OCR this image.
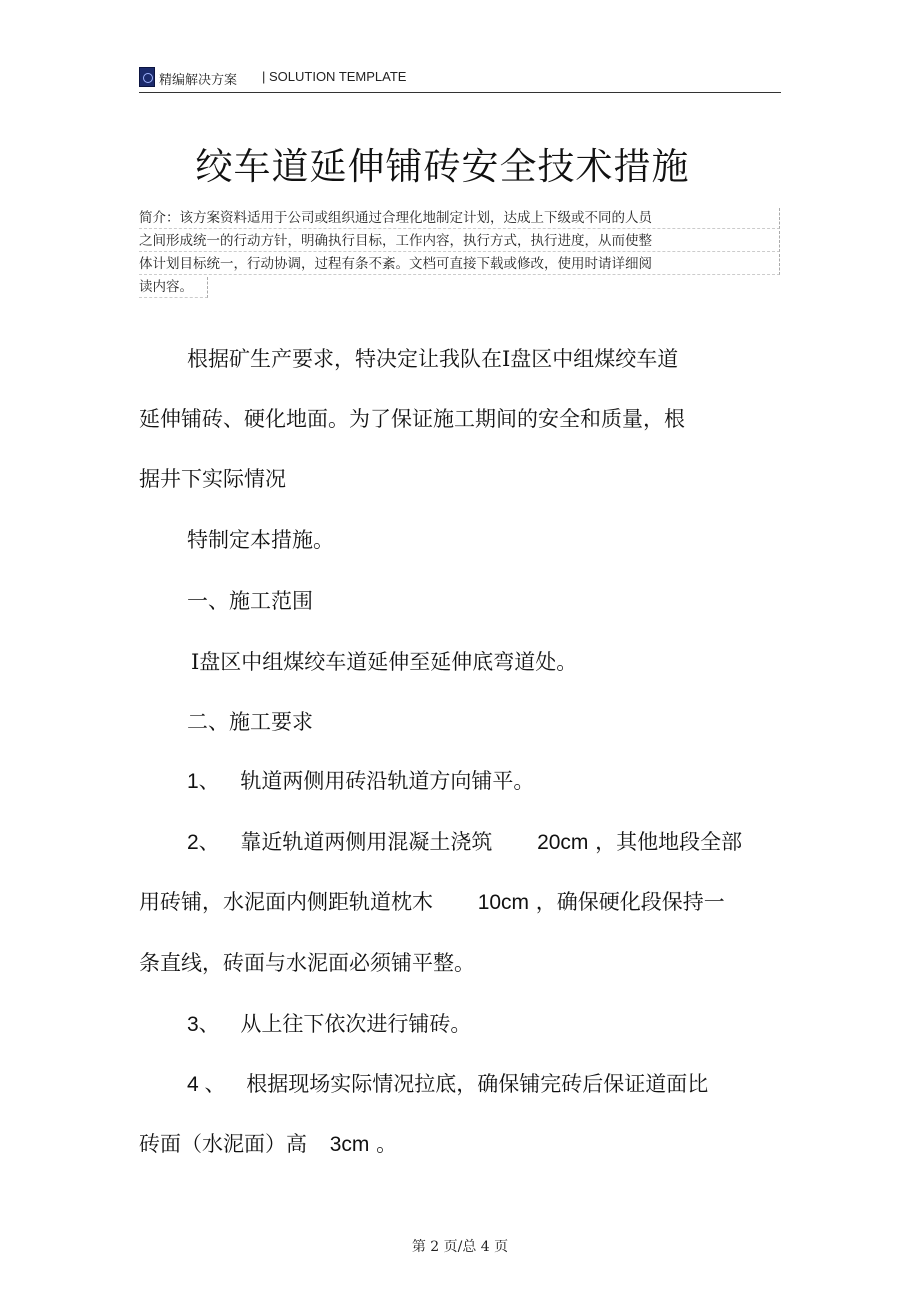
精编解决方案 | SOLUTION TEMPLATE
绞车道延伸铺砖安全技术措施
简介：该方案资料适用于公司或组织通过合理化地制定计划，达成上下级或不同的人员
之间形成统一的行动方针，明确执行目标，工作内容，执行方式，执行进度，从而使整
体计划目标统一，行动协调，过程有条不紊。文档可直接下载或修改，使用时请详细阅
读内容。
根据矿生产要求，特决定让我队在Ⅰ盘区中组煤绞车道
延伸铺砖、硬化地面。为了保证施工期间的安全和质量，根
据井下实际情况
特制定本措施。
一、施工范围
Ⅰ盘区中组煤绞车道延伸至延伸底弯道处。
二、施工要求
1、 轨道两侧用砖沿轨道方向铺平。
2、 靠近轨道两侧用混凝土浇筑 20cm ，其他地段全部
用砖铺，水泥面内侧距轨道枕木 10cm ，确保硬化段保持一
条直线，砖面与水泥面必须铺平整。
3、 从上往下依次进行铺砖。
4 、 根据现场实际情况拉底，确保铺完砖后保证道面比
砖面（水泥面）高 3cm 。
第 2 页/总 4 页
